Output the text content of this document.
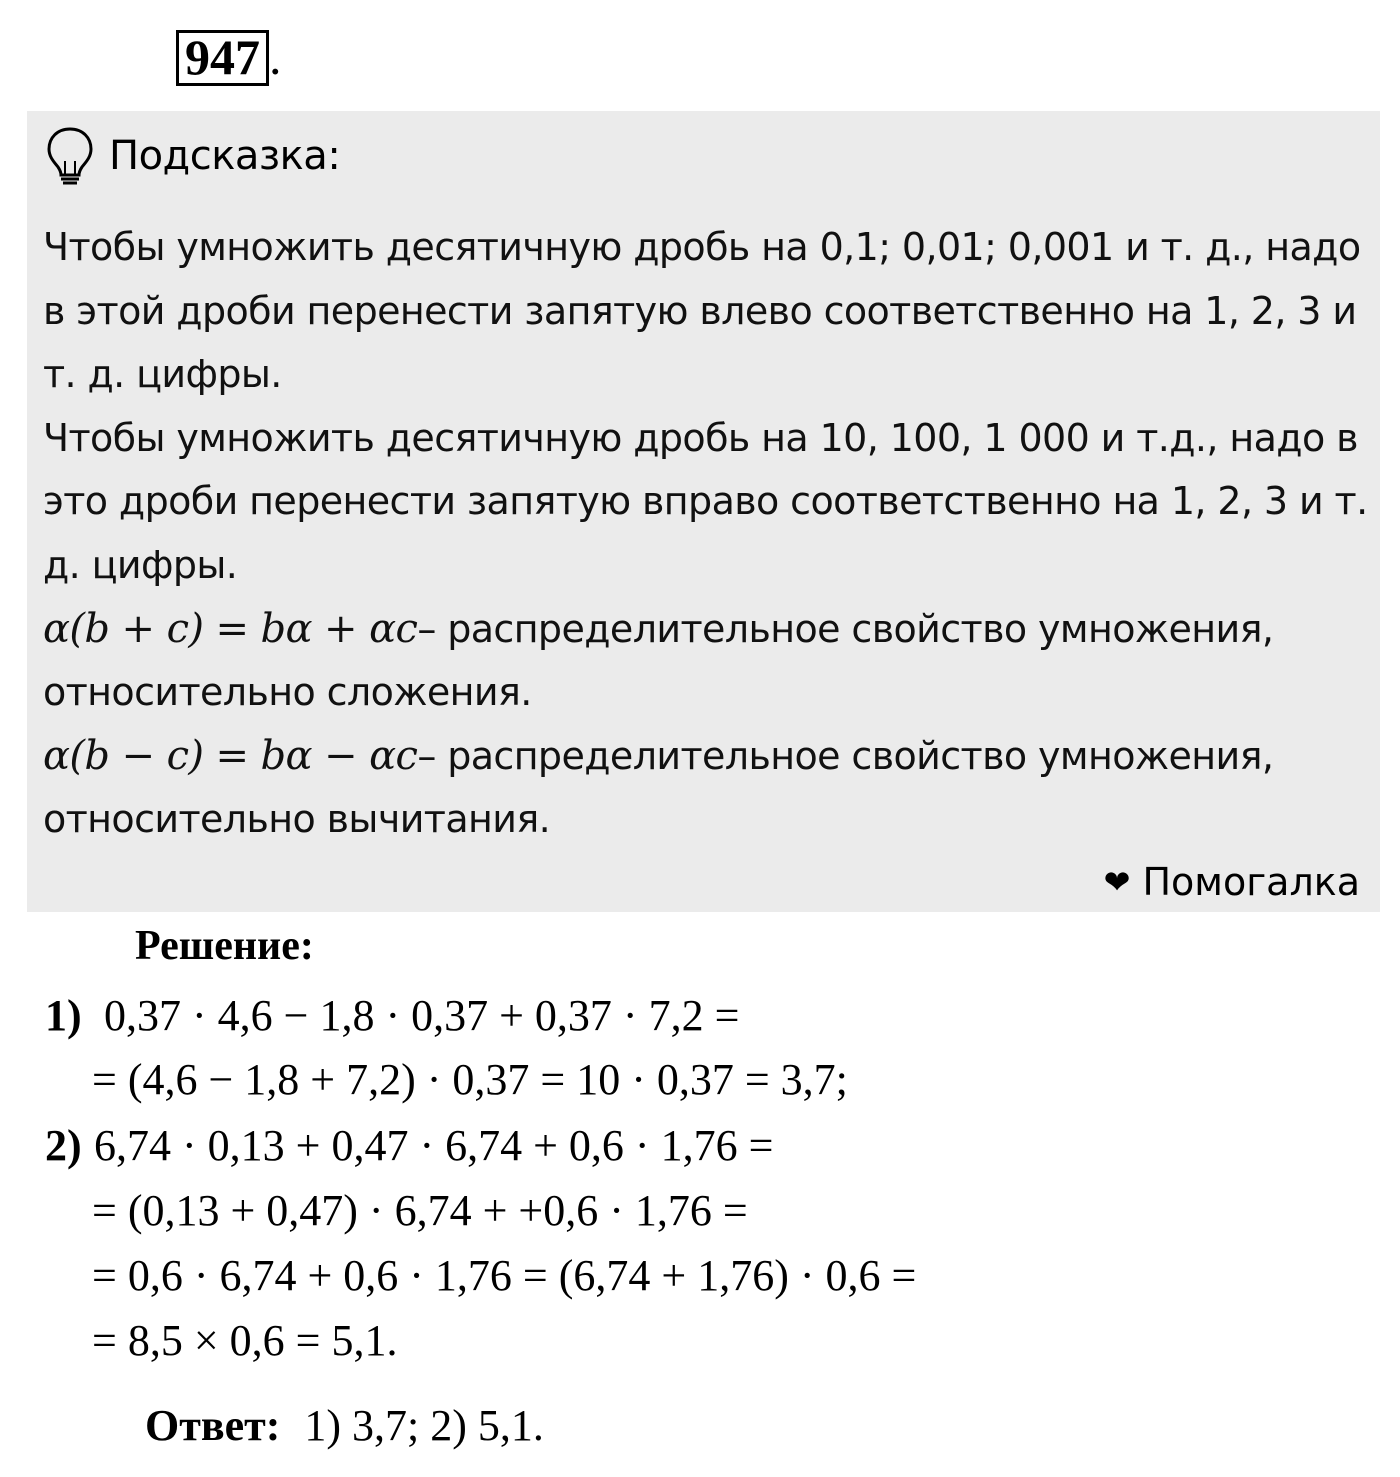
947 .
Подсказка:

Чтобы умножить десятичную дробь на 0,1; 0,01; 0,001 и т. д., надо в этой дроби перенести запятую влево соответственно на 1, 2, 3 и т. д. цифры.

Чтобы умножить десятичную дробь на 10, 100, 1 000 и т.д., надо в это дроби перенести запятую вправо соответственно на 1, 2, 3 и т. д. цифры.

α(b + c) = bα + αc– распределительное свойство умножения, относительно сложения.

α(b − c) = bα − αc– распределительное свойство умножения, относительно вычитания.

❤ Помогалка
Решение:
1) 0,37 · 4,6 − 1,8 · 0,37 + 0,37 · 7,2 =
= (4,6 − 1,8 + 7,2) · 0,37 = 10 · 0,37 = 3,7;
2) 6,74 · 0,13 + 0,47 · 6,74 + 0,6 · 1,76 =
= (0,13 + 0,47) · 6,74 + +0,6 · 1,76 =
= 0,6 · 6,74 + 0,6 · 1,76 = (6,74 + 1,76) · 0,6 =
= 8,5 × 0,6 = 5,1.
Ответ: 1) 3,7; 2) 5,1.
